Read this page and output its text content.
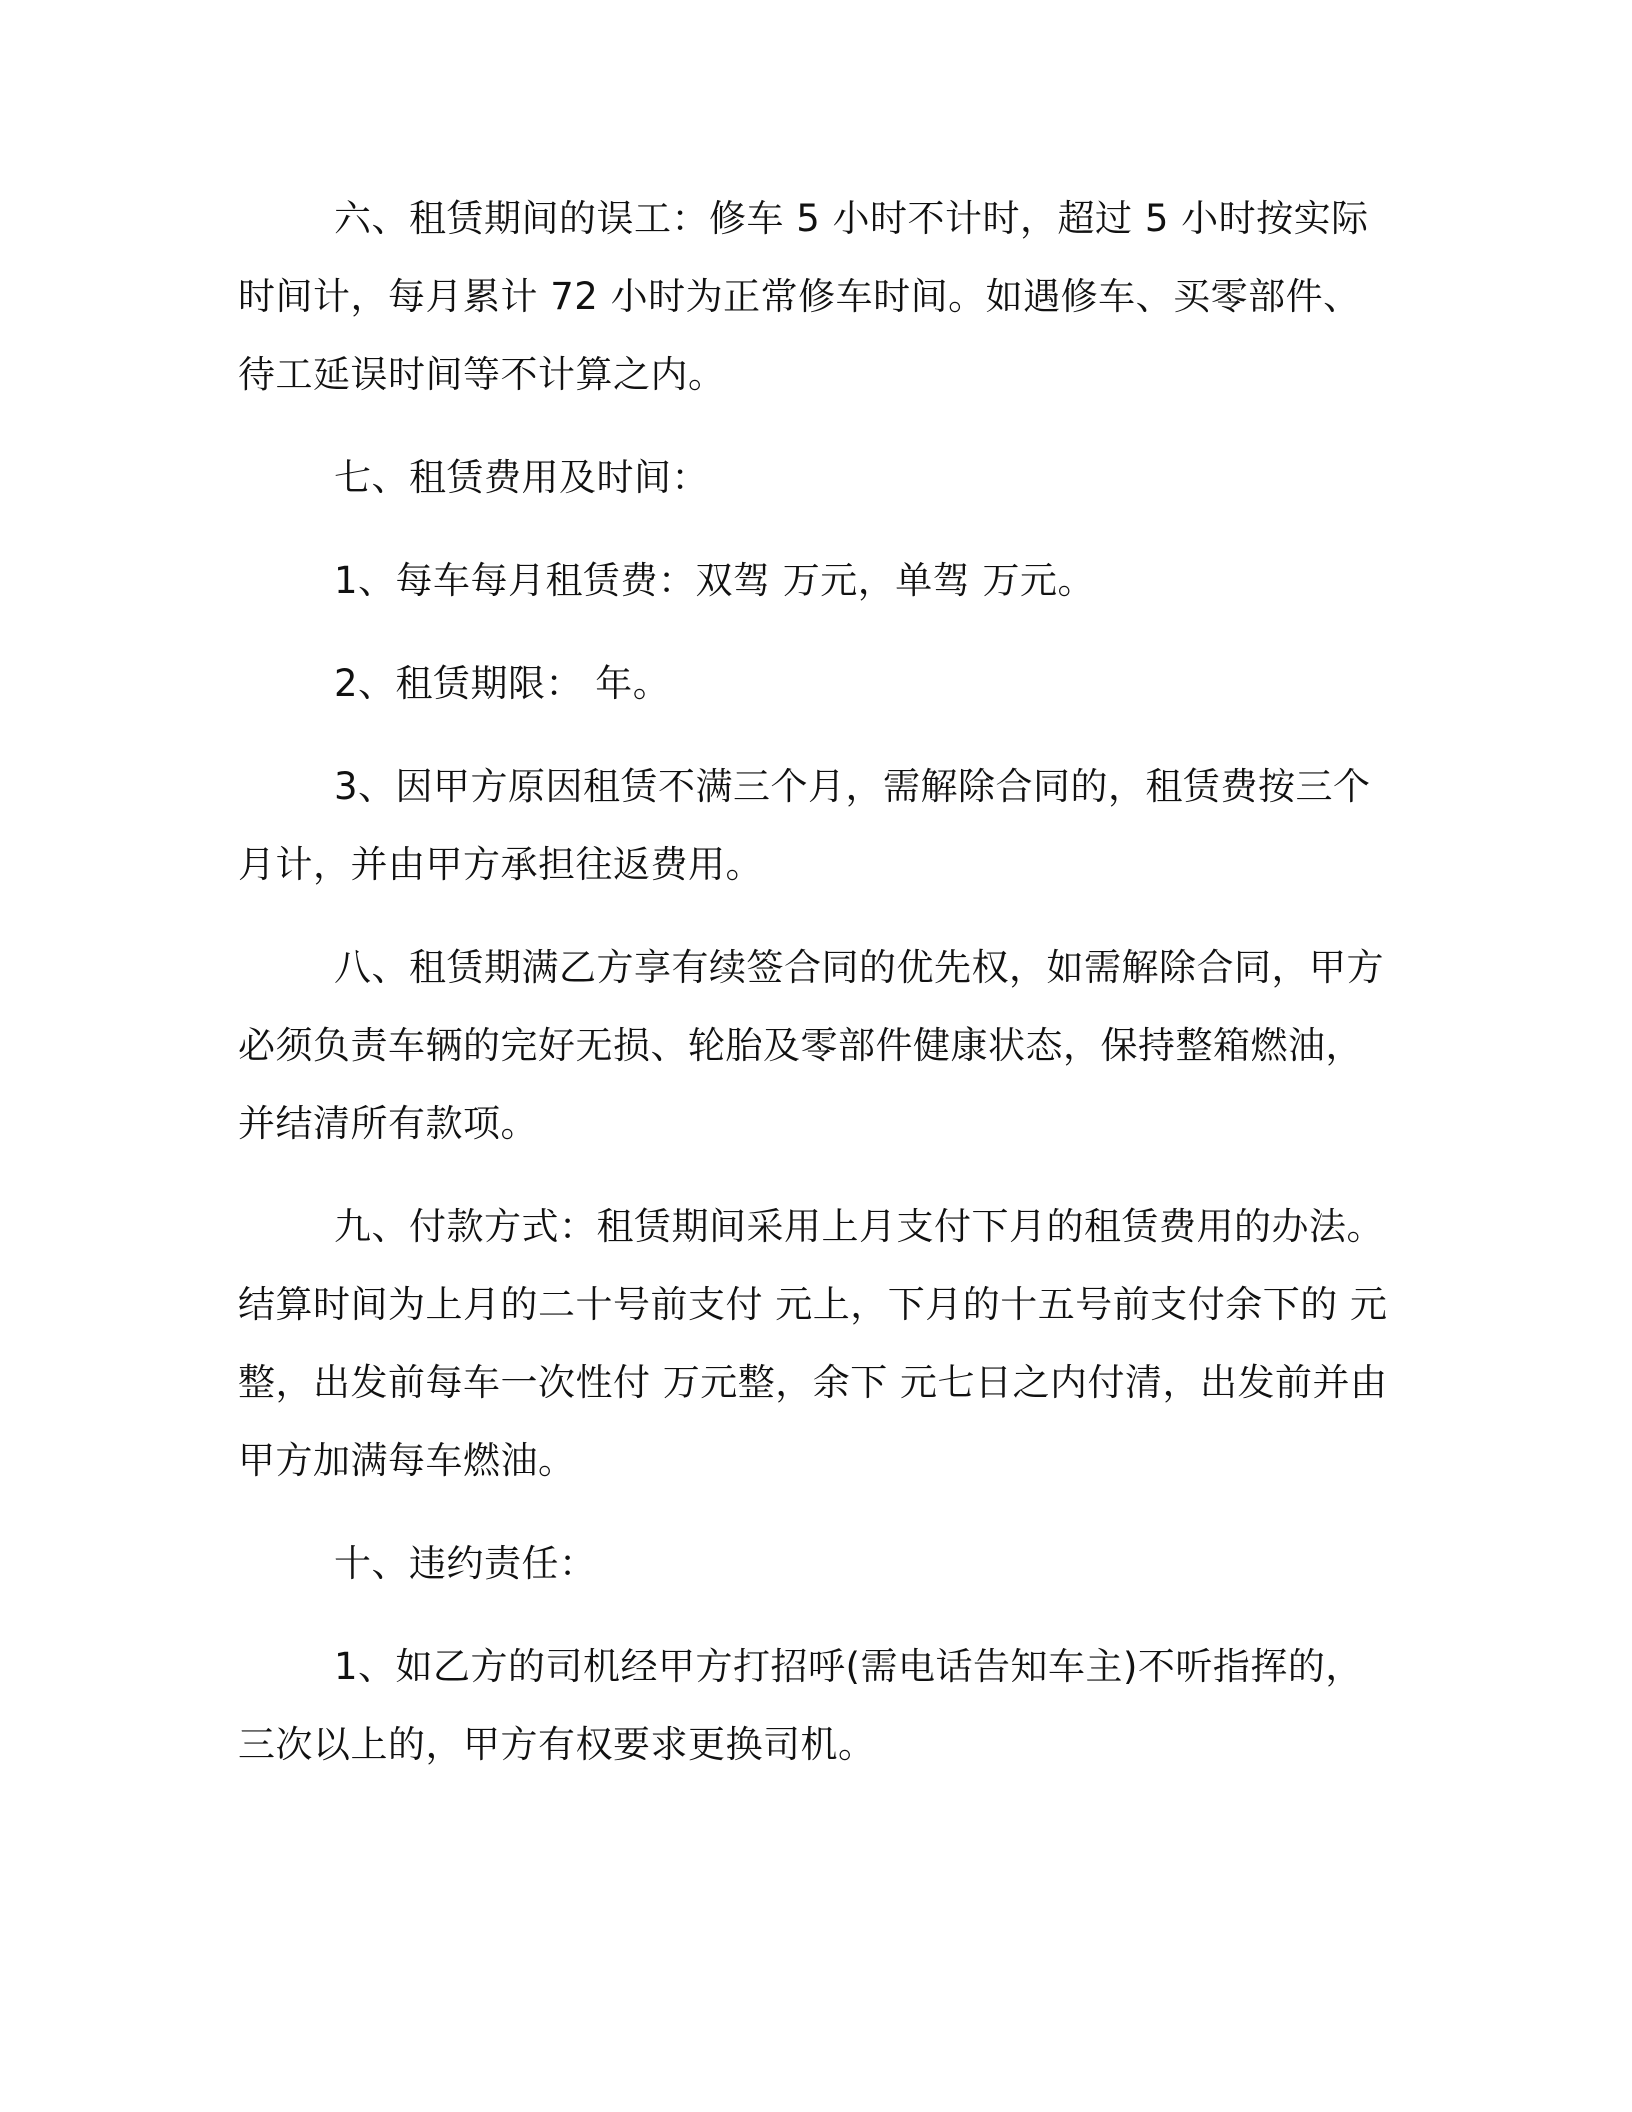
六、租赁期间的误工：修车 5 小时不计时，超过 5 小时按实际时间计，每月累计 72 小时为正常修车时间。如遇修车、买零部件、待工延误时间等不计算之内。

七、租赁费用及时间：

1、每车每月租赁费：双驾 万元，单驾 万元。

2、租赁期限： 年。

3、因甲方原因租赁不满三个月，需解除合同的，租赁费按三个月计，并由甲方承担往返费用。

八、租赁期满乙方享有续签合同的优先权，如需解除合同，甲方必须负责车辆的完好无损、轮胎及零部件健康状态，保持整箱燃油，并结清所有款项。

九、付款方式：租赁期间采用上月支付下月的租赁费用的办法。结算时间为上月的二十号前支付 元上，下月的十五号前支付余下的 元整，出发前每车一次性付 万元整，余下 元七日之内付清，出发前并由甲方加满每车燃油。

十、违约责任：

1、如乙方的司机经甲方打招呼(需电话告知车主)不听指挥的，三次以上的，甲方有权要求更换司机。
